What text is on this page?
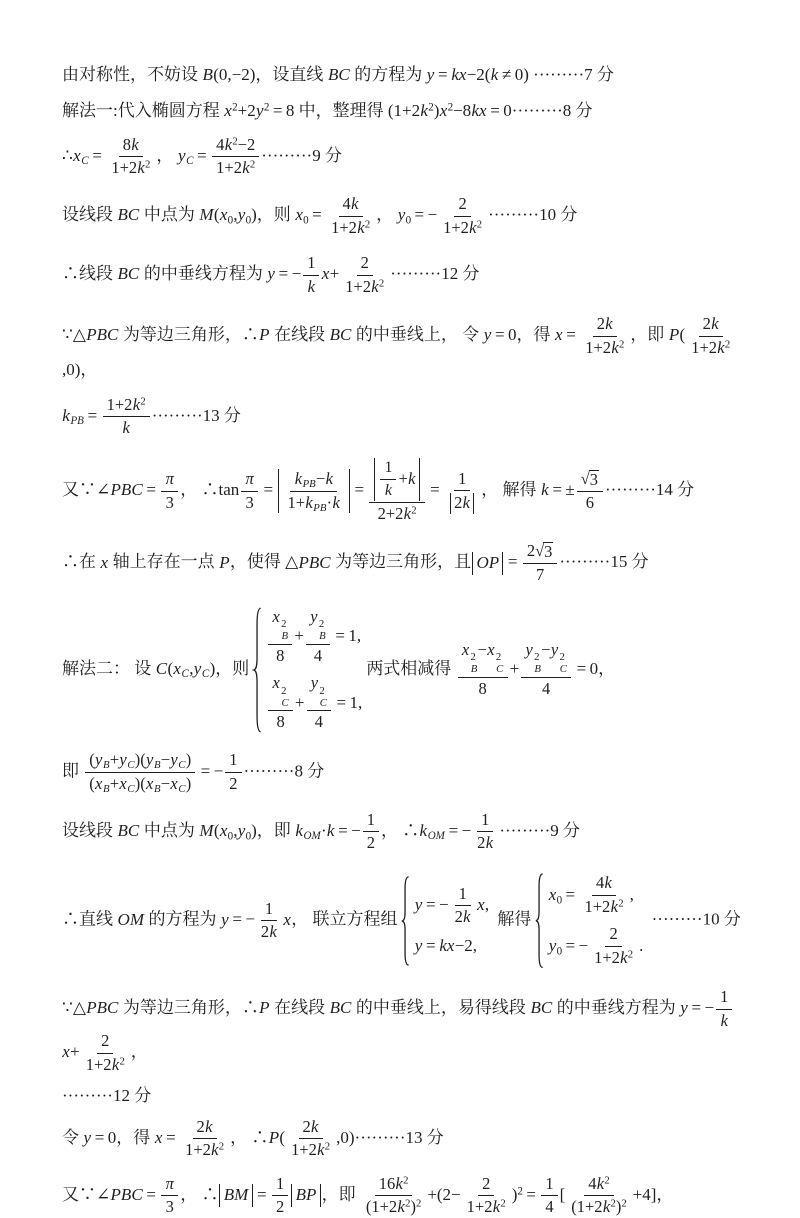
由对称性，不妨设 B(0,−2)，设直线 BC 的方程为 y = kx−2(k ≠ 0) ·········7 分
解法一:代入椭圆方程 $x^2+2y^2 = 8$ 中，整理得 $(1+2k^2)x^2-8kx = 0\cdot\cdot\cdot\cdot\cdot\cdot\cdot\cdot\cdot 8$ 分
$\therefore x_C = \frac{8k}{1+2k^2}$ ， $y_C = \frac{4k^2-2}{1+2k^2} \cdot\cdot\cdot\cdot\cdot\cdot\cdot\cdot\cdot 9$ 分
设线段 BC 中点为 $M(x_0,y_0)$，则 $x_0 = \frac{4k}{1+2k^2}$ ， $y_0$ = − $\frac{2}{1+2k^2} \cdot\cdot\cdot\cdot\cdot\cdot\cdot\cdot\cdot 10$ 分
∴线段 BC 的中垂线方程为 y = − $\frac{1}{k} x+ \frac{2}{1+2k^2} \cdot\cdot\cdot\cdot\cdot\cdot\cdot\cdot\cdot 12$ 分
∵△PBC 为等边三角形，∴P 在线段 BC 的中垂线上， 令 y = 0，得 $x = \frac{2k}{1+2k^2}$ ，即 $P( \frac{2k}{1+2k^2}$
,0)，
$k_{PB} = \frac{1+2k^2}{k} \cdot\cdot\cdot\cdot\cdot\cdot\cdot\cdot\cdot 13$ 分
又∵∠PBC =  $\frac{\pi}{3}$ ， ∴tan $\frac{\pi}{3} = \frac{k_{PB}-k}{1+k_{PB}\cdot k} = \frac{\frac{1}{k} +k}{2+2k^2} = \frac{1}{2k}$ ， 解得 k = ± $\frac{√ 3}{6} \cdot\cdot\cdot\cdot\cdot\cdot\cdot\cdot\cdot 14$ 分
∴在 x 轴上存在一点 P，使得 △PBC 为等边三角形，且 OP  =  $\frac{2 √ 3}{7} \cdot\cdot\cdot\cdot\cdot\cdot\cdot\cdot\cdot 15$ 分
解法二： 设 $C(x_C,y_C)$，则
x 2
B
8 + y 2
B
4  = 1,
x 2
C
8 + y 2
C
4  = 1,
两式相减得 x 2
B
−x 2
C
8 + y 2
B
−y 2
C
4  = 0，
即 $\frac{(y_B+y_C)(y_B-y_C)}{(x_B+x_C)(x_B-x_C)}$  = − $\frac{1}{2} \cdot\cdot\cdot\cdot\cdot\cdot\cdot\cdot\cdot 8$ 分
设线段 BC 中点为 $M(x_0,y_0)$，即 $k_{OM}\cdot k$ = − $\frac{1}{2}$ ， $\therefore k_{OM}$ = − $\frac{1}{2k} \cdot\cdot\cdot\cdot\cdot\cdot\cdot\cdot\cdot 9$ 分
∴直线 OM 的方程为 y = − $\frac{1}{2k}$ x， 联立方程组
y = − $\frac{1}{2k} x$,
y = kx−2,
解得
$x_0 = \frac{4k}{1+2k^2}$ ,
$y_0$ = − $\frac{2}{1+2k^2}$ .
·········10 分
∵△PBC 为等边三角形，∴P 在线段 BC 的中垂线上，易得线段 BC 的中垂线方程为 y = − $\frac{1}{k}$
$x+ \frac{2}{1+2k^2}$ ，
·········12 分
令 y = 0，得 $x = \frac{2k}{1+2k^2}$ ， ∴P( $\frac{2k}{1+2k^2} ,0)\cdot\cdot\cdot\cdot\cdot\cdot\cdot\cdot\cdot 13$ 分
又∵∠PBC =  $\frac{\pi}{3}$ ， ∴ BM  =  $\frac{1}{2}$ BP ，即 $\frac{16k^2}{(1+2k^2)^2} +(2- \frac{2}{1+2k^2} )^2 = \frac{1}{4}$ [ $\frac{4k^2}{(1+2k^2)^2} +4$]，
